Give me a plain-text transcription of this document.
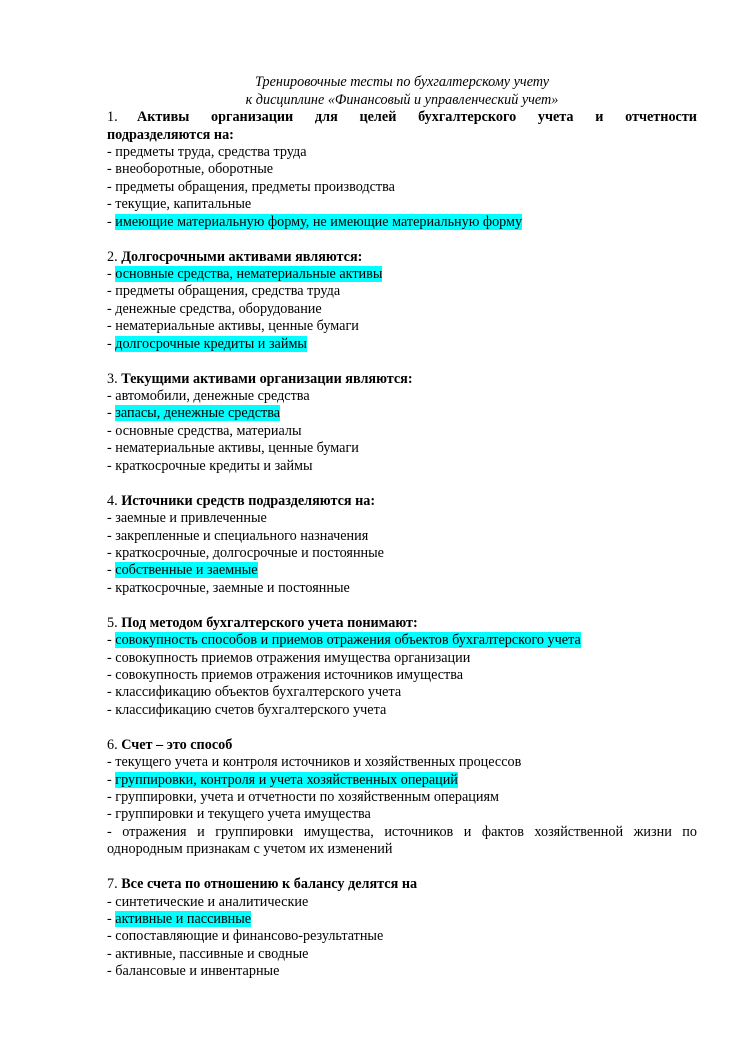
Тренировочные тесты по бухгалтерскому учету
к дисциплине «Финансовый и управленческий учет»
1.	Активы организации для целей бухгалтерского учета и отчетности
подразделяются на:
- предметы труда, средства труда
- внеоборотные, оборотные
- предметы обращения, предметы производства
- текущие, капитальные
- имеющие материальную форму, не имеющие материальную форму
2.
Долгосрочными активами являются:
- основные средства, нематериальные активы
- предметы обращения, средства труда
- денежные средства, оборудование
- нематериальные активы, ценные бумаги
- долгосрочные кредиты и займы
3.
Текущими активами организации являются:
- автомобили, денежные средства
- запасы, денежные средства
- основные средства, материалы
- нематериальные активы, ценные бумаги
- краткосрочные кредиты и займы
4.
Источники средств подразделяются на:
- заемные и привлеченные
- закрепленные и специального назначения
- краткосрочные, долгосрочные и постоянные
- собственные и заемные
- краткосрочные, заемные и постоянные
5.
Под методом бухгалтерского учета понимают:
- совокупность способов и приемов отражения объектов бухгалтерского учета
- совокупность приемов отражения имущества организации
- совокупность приемов отражения источников имущества
- классификацию объектов бухгалтерского учета
- классификацию счетов бухгалтерского учета
6.
Счет – это способ
- текущего учета и контроля источников и хозяйственных процессов
- группировки, контроля и учета хозяйственных операций
- группировки, учета и отчетности по хозяйственным операциям
- группировки и текущего учета имущества
- отражения и группировки имущества, источников и фактов хозяйственной жизни по
однородным признакам с учетом их изменений
7.
Все счета по отношению к балансу делятся на
- синтетические и аналитические
- активные и пассивные
- сопоставляющие и финансово-результатные
- активные, пассивные и сводные
- балансовые и инвентарные
